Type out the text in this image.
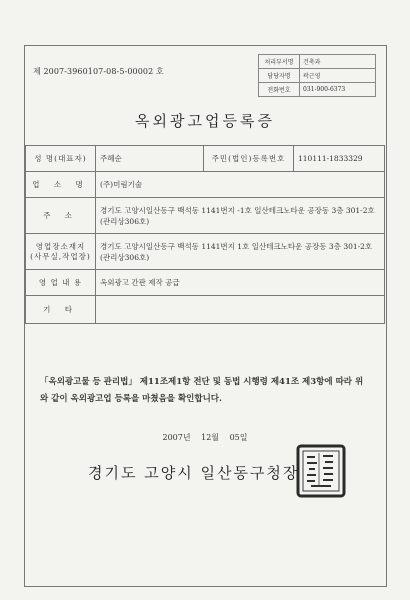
제 2007-3960107-08-5-00002 호
처리부서명	건축과
담당자명	곽근영
전화번호	031-900-6373
옥외광고업등록증
성 명(대표자)	주혜순	주민(법인)등록번호	110111-1833329
업 소 명	(주)미림기술		
주 소	경기도 고양시일산동구 백석동 1141번지 -1호 일산테크노타운 공장동 3층 301-2호 (관리상306호)		

영업장소재지
(사무실,작업장)	경기도 고양시일산동구 백석동 1141번지 1호 일산테크노타운 공장동 3층 301-2호 (관리상306호)		
영 업 내 용	옥외광고 간판 제작 공급		
기 타			
「옥외광고물 등 관리법」 제11조제1항 전단 및 동법 시행령 제41조 제3항에 따라 위와 같이 옥외광고업 등록을 마쳤음을 확인합니다.
2007년 12월 05일
경기도 고양시 일산동구청장
